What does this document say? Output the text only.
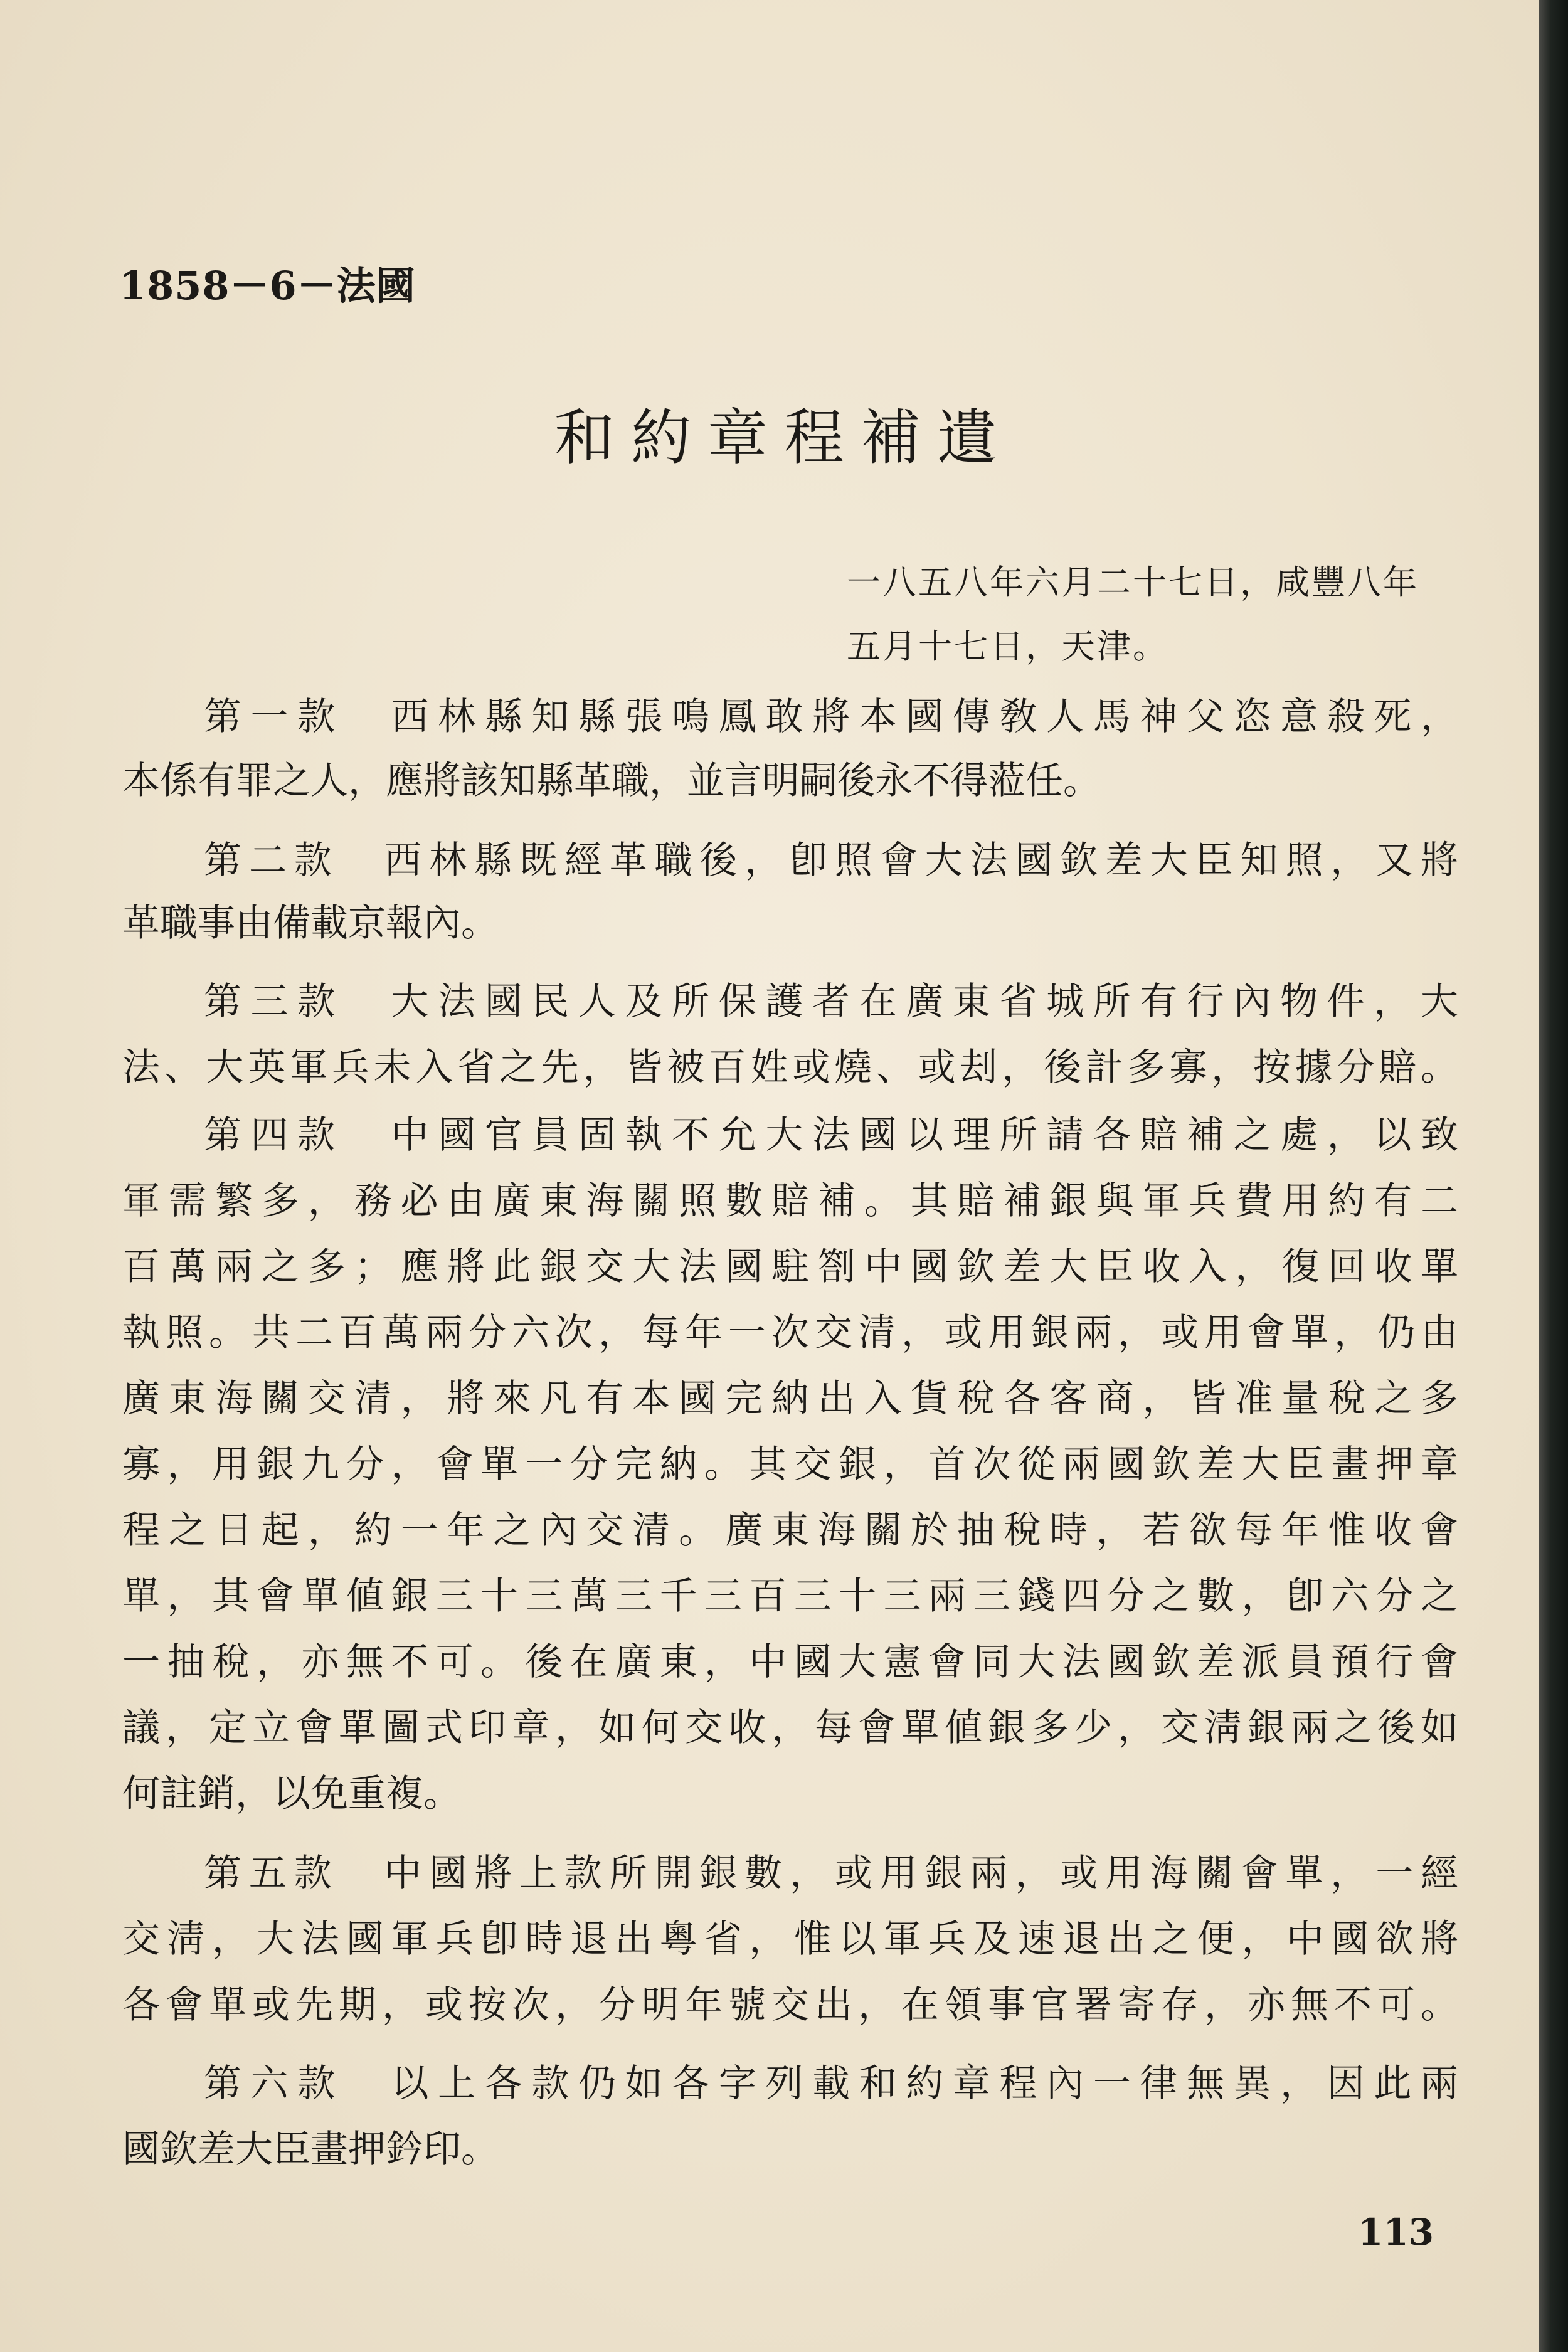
1858－6－法國
和約章程補遺
一八五八年六月二十七日，咸豐八年
五月十七日，天津。
第一款　西林縣知縣張鳴鳳敢將本國傳敎人馬神父恣意殺死，
本係有罪之人，應將該知縣革職，並言明嗣後永不得蒞任。
第二款　西林縣既經革職後，卽照會大法國欽差大臣知照，又將
革職事由備載京報內。
第三款　大法國民人及所保護者在廣東省城所有行內物件，大
法、大英軍兵未入省之先，皆被百姓或燒、或刦，後計多寡，按據分賠。
第四款　中國官員固執不允大法國以理所請各賠補之處，以致
軍需繁多，務必由廣東海關照數賠補。其賠補銀與軍兵費用約有二
百萬兩之多；應將此銀交大法國駐劄中國欽差大臣收入，復回收單
執照。共二百萬兩分六次，每年一次交清，或用銀兩，或用會單，仍由
廣東海關交清，將來凡有本國完納出入貨稅各客商，皆准量稅之多
寡，用銀九分，會單一分完納。其交銀，首次從兩國欽差大臣畫押章
程之日起，約一年之內交清。廣東海關於抽稅時，若欲每年惟收會
單，其會單値銀三十三萬三千三百三十三兩三錢四分之數，卽六分之
一抽稅，亦無不可。後在廣東，中國大憲會同大法國欽差派員預行會
議，定立會單圖式印章，如何交收，每會單値銀多少，交淸銀兩之後如
何註銷，以免重複。
第五款　中國將上款所開銀數，或用銀兩，或用海關會單，一經
交淸，大法國軍兵卽時退出粵省，惟以軍兵及速退出之便，中國欲將
各會單或先期，或按次，分明年號交出，在領事官署寄存，亦無不可。
第六款　以上各款仍如各字列載和約章程內一律無異，因此兩
國欽差大臣畫押鈐印。
113
